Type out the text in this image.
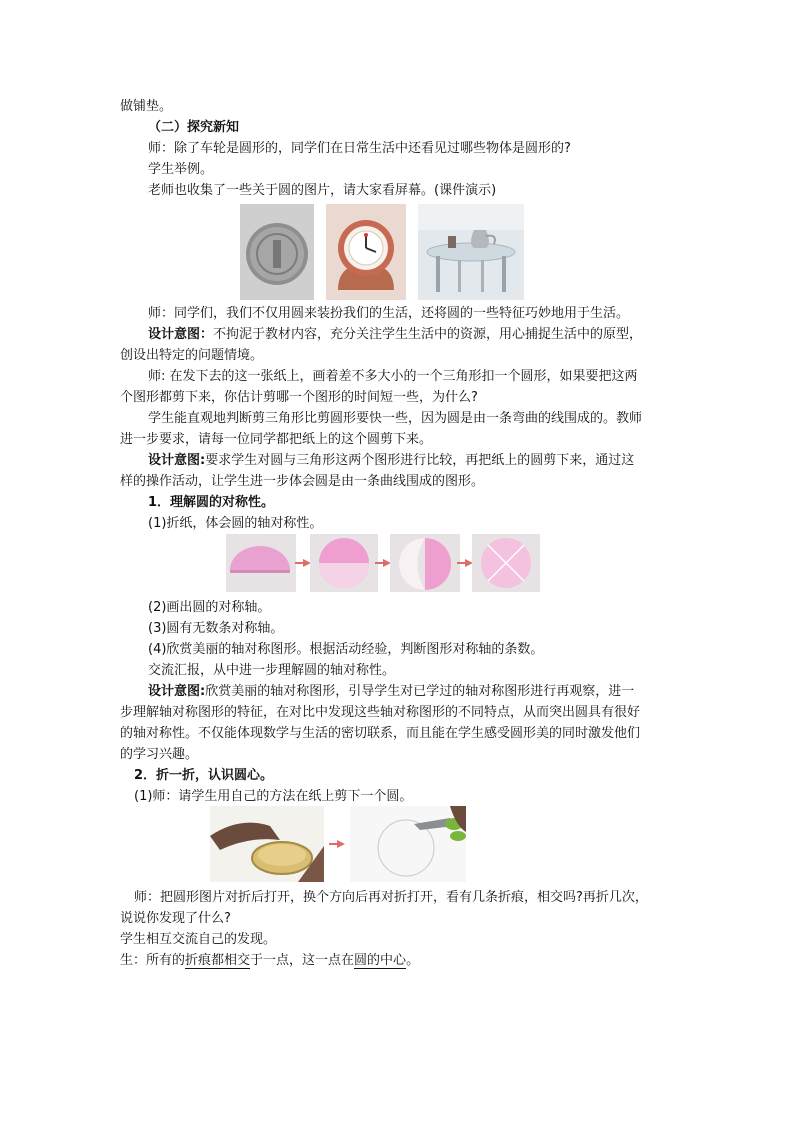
做铺垫。
（二）探究新知
师：除了车轮是圆形的，同学们在日常生活中还看见过哪些物体是圆形的?
学生举例。
老师也收集了一些关于圆的图片，请大家看屏幕。(课件演示)
师：同学们，我们不仅用圆来装扮我们的生活，还将圆的一些特征巧妙地用于生活。
设计意图：不拘泥于教材内容，充分关注学生生活中的资源，用心捕捉生活中的原型，
创设出特定的问题情境。
师: 在发下去的这一张纸上，画着差不多大小的一个三角形扣一个圆形，如果要把这两
个图形都剪下来，你估计剪哪一个图形的时间短一些，为什么?
学生能直观地判断剪三角形比剪圆形要快一些，因为圆是由一条弯曲的线围成的。教师
进一步要求，请每一位同学都把纸上的这个圆剪下来。
设计意图:要求学生对圆与三角形这两个图形进行比较，再把纸上的圆剪下来，通过这
样的操作活动，让学生进一步体会圆是由一条曲线围成的图形。
1．理解圆的对称性。
(1)折纸，体会圆的轴对称性。
(2)画出圆的对称轴。
(3)圆有无数条对称轴。
(4)欣赏美丽的轴对称图形。根据活动经验，判断图形对称轴的条数。
交流汇报，从中进一步理解圆的轴对称性。
设计意图:欣赏美丽的轴对称图形，引导学生对已学过的轴对称图形进行再观察，进一
步理解轴对称图形的特征，在对比中发现这些轴对称图形的不同特点，从而突出圆具有很好
的轴对称性。不仅能体现数学与生活的密切联系，而且能在学生感受圆形美的同时激发他们
的学习兴趣。
2．折一折，认识圆心。
(1)师：请学生用自己的方法在纸上剪下一个圆。
师：把圆形图片对折后打开，换个方向后再对折打开，看有几条折痕，相交吗?再折几次，
说说你发现了什么?
学生相互交流自己的发现。
生：所有的折痕都相交于一点，这一点在圆的中心。
